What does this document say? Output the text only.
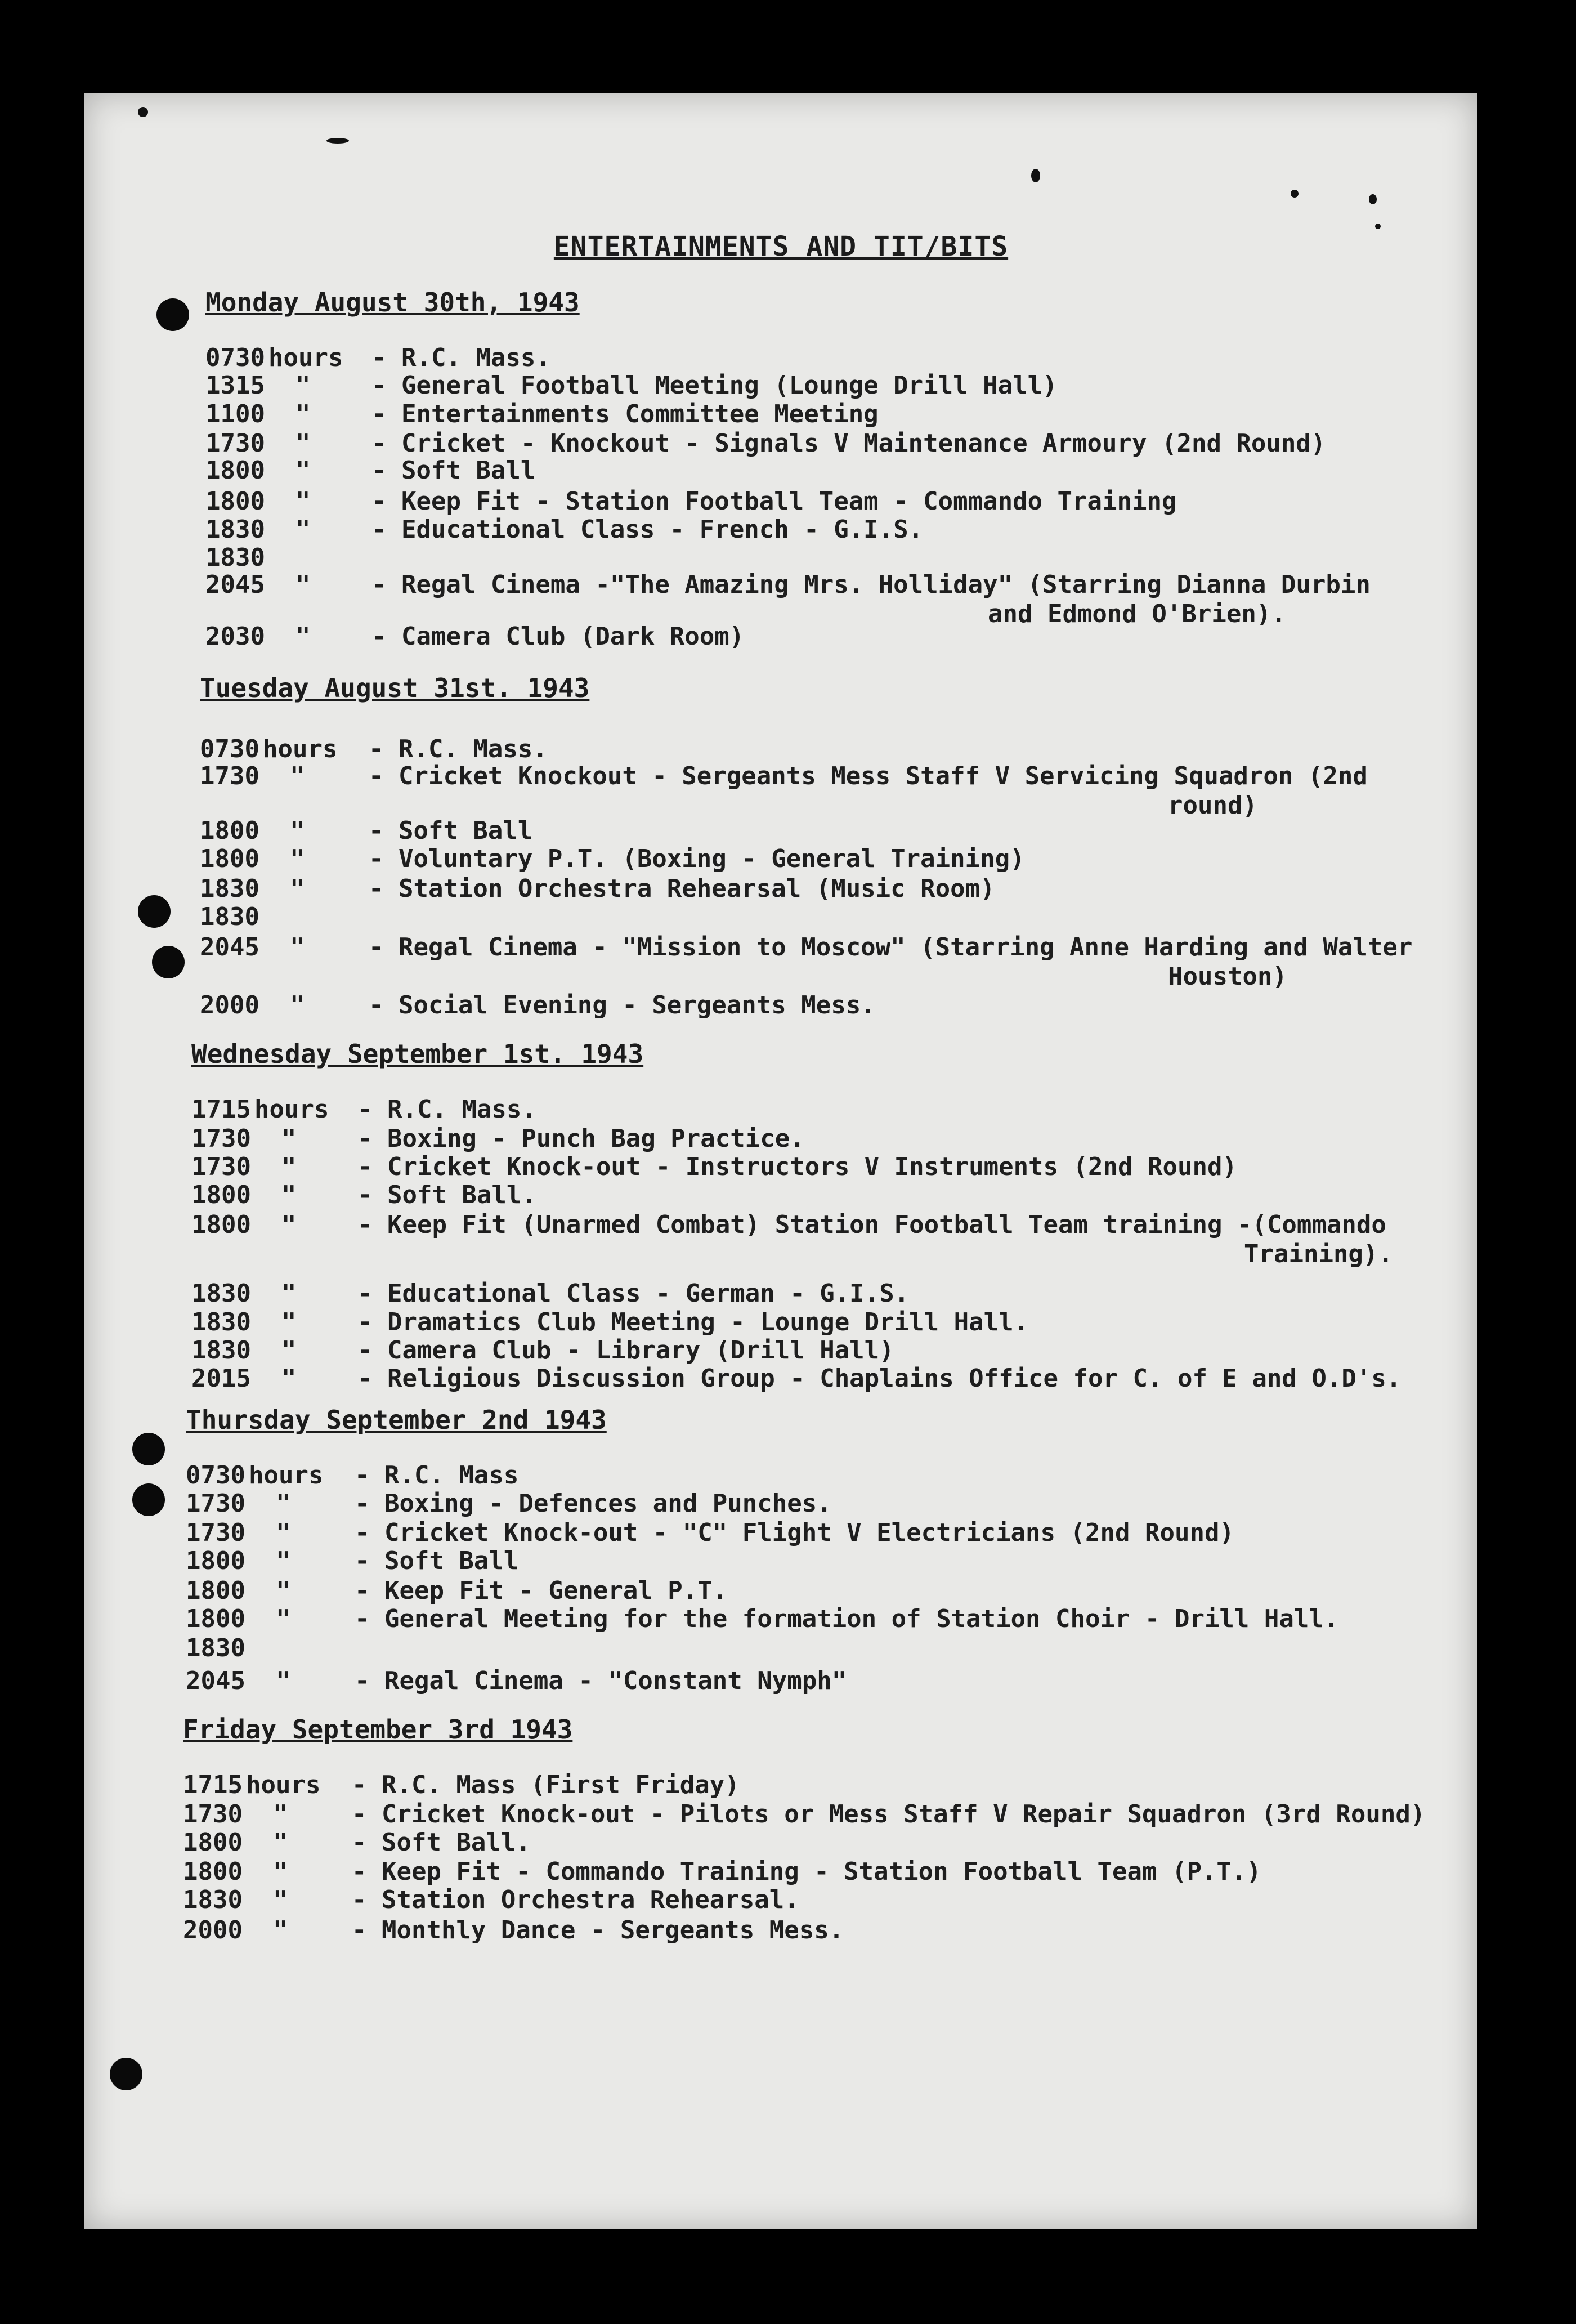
ENTERTAINMENTS AND TIT/BITS
Monday August 30th, 1943
0730 hours - R.C. Mass.
1315 " - General Football Meeting (Lounge Drill Hall)
1100 " - Entertainments Committee Meeting
1730 " - Cricket - Knockout - Signals V Maintenance Armoury (2nd Round)
1800 " - Soft Ball
1800 " - Keep Fit - Station Football Team - Commando Training
1830 " - Educational Class - French - G.I.S.
1830
2045 " - Regal Cinema -"The Amazing Mrs. Holliday" (Starring Dianna Durbin
and Edmond O'Brien).
2030 " - Camera Club (Dark Room)
Tuesday August 31st. 1943
0730 hours - R.C. Mass.
1730 "	- Cricket Knockout - Sergeants Mess Staff V Servicing Squadron (2nd
round)
1800 "	- Soft Ball
1800 "	- Voluntary P.T. (Boxing - General Training)
1830 "	- Station Orchestra Rehearsal (Music Room)
1830
2045 "	- Regal Cinema - "Mission to Moscow" (Starring Anne Harding and Walter
Houston)
2000 "	- Social Evening - Sergeants Mess.
Wednesday September 1st. 1943
1715 hours - R.C. Mass.
1730 " - Boxing - Punch Bag Practice.
1730 " - Cricket Knock-out - Instructors V Instruments (2nd Round)
1800 " - Soft Ball.
1800 " - Keep Fit (Unarmed Combat) Station Football Team training -(Commando
Training).
1830 " - Educational Class - German - G.I.S.
1830 " - Dramatics Club Meeting - Lounge Drill Hall.
1830 " - Camera Club - Library (Drill Hall)
2015 " - Religious Discussion Group - Chaplains Office for C. of E and O.D's.
Thursday September 2nd 1943
0730 hours - R.C. Mass
1730 "	- Boxing - Defences and Punches.
1730 "	- Cricket Knock-out - "C" Flight V Electricians (2nd Round)
1800 "	- Soft Ball
1800 "	- Keep Fit - General P.T.
1800 "	- General Meeting for the formation of Station Choir - Drill Hall.
1830
2045 "	- Regal Cinema - "Constant Nymph"
Friday September 3rd 1943
1715 hours - R.C. Mass (First Friday)
1730 "	- Cricket Knock-out - Pilots or Mess Staff V Repair Squadron (3rd Round)
1800 "	- Soft Ball.
1800 "	- Keep Fit - Commando Training - Station Football Team (P.T.)
1830 "	- Station Orchestra Rehearsal.
2000 "	- Monthly Dance - Sergeants Mess.
